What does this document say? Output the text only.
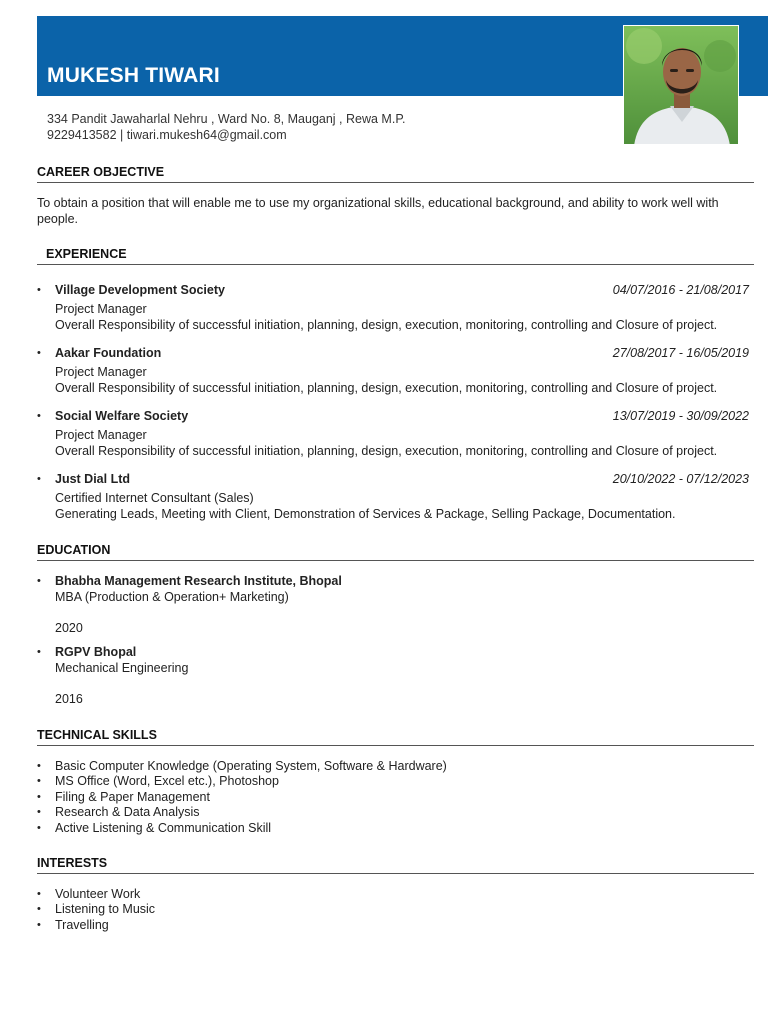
MUKESH TIWARI
334 Pandit Jawaharlal Nehru , Ward No. 8, Mauganj , Rewa M.P.
9229413582 | tiwari.mukesh64@gmail.com
CAREER OBJECTIVE
To obtain a position that will enable me to use my organizational skills, educational background, and ability to work well with people.
EXPERIENCE
• Village Development Society	04/07/2016 - 21/08/2017
Project Manager
Overall Responsibility of successful initiation, planning, design, execution, monitoring, controlling and Closure of project.
• Aakar Foundation	27/08/2017 - 16/05/2019
Project Manager
Overall Responsibility of successful initiation, planning, design, execution, monitoring, controlling and Closure of project.
• Social Welfare Society	13/07/2019 - 30/09/2022
Project Manager
Overall Responsibility of successful initiation, planning, design, execution, monitoring, controlling and Closure of project.
• Just Dial Ltd	20/10/2022 - 07/12/2023
Certified Internet Consultant (Sales)
Generating Leads, Meeting with Client, Demonstration of Services & Package, Selling Package, Documentation.
EDUCATION
• Bhabha Management Research Institute, Bhopal
MBA (Production & Operation+ Marketing)
2020
• RGPV Bhopal
Mechanical Engineering
2016
TECHNICAL SKILLS
• Basic Computer Knowledge (Operating System, Software & Hardware)
• MS Office (Word, Excel etc.), Photoshop
• Filing & Paper Management
• Research & Data Analysis
• Active Listening & Communication Skill
INTERESTS
• Volunteer Work
• Listening to Music
• Travelling
